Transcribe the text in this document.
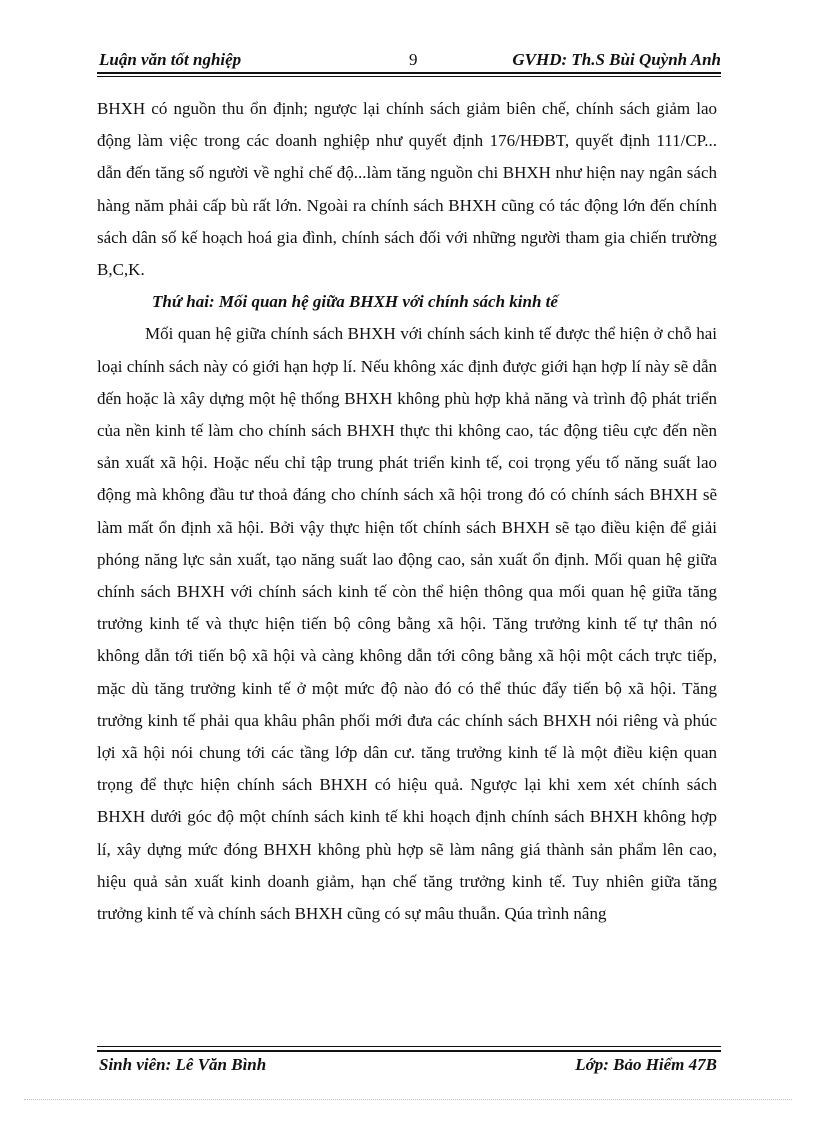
Luận văn tốt nghiệp	9	GVHD: Th.S Bùi Quỳnh Anh

BHXH có nguồn thu ổn định; ngược lại chính sách giảm biên chế, chính sách giảm lao động làm việc trong các doanh nghiệp như quyết định 176/HĐBT, quyết định 111/CP... dẫn đến tăng số người về nghỉ chế độ...làm tăng nguồn chi BHXH như hiện nay ngân sách hàng năm phải cấp bù rất lớn. Ngoài ra chính sách BHXH cũng có tác động lớn đến chính sách dân số kế hoạch hoá gia đình, chính sách đối với những người tham gia chiến trường B,C,K.

Thứ hai: Mối quan hệ giữa BHXH với chính sách kinh tế

Mối quan hệ giữa chính sách BHXH với chính sách kinh tế được thể hiện ở chỗ hai loại chính sách này có giới hạn hợp lí. Nếu không xác định được giới hạn hợp lí này sẽ dẫn đến hoặc là xây dựng một hệ thống BHXH không phù hợp khả năng và trình độ phát triển của nền kinh tế làm cho chính sách BHXH thực thi không cao, tác động tiêu cực đến nền sản xuất xã hội. Hoặc nếu chỉ tập trung phát triển kinh tế, coi trọng yếu tố năng suất lao động mà không đầu tư thoả đáng cho chính sách xã hội trong đó có chính sách BHXH sẽ làm mất ổn định xã hội. Bởi vậy thực hiện tốt chính sách BHXH sẽ tạo điều kiện để giải phóng năng lực sản xuất, tạo năng suất lao động cao, sản xuất ổn định. Mối quan hệ giữa chính sách BHXH với chính sách kinh tế còn thể hiện thông qua mối quan hệ giữa tăng trưởng kinh tế và thực hiện tiến bộ công bằng xã hội. Tăng trưởng kinh tế tự thân nó không dẫn tới tiến bộ xã hội và càng không dẫn tới công bằng xã hội một cách trực tiếp, mặc dù tăng trưởng kinh tế ở một mức độ nào đó có thể thúc đẩy tiến bộ xã hội. Tăng trưởng kinh tế phải qua khâu phân phối mới đưa các chính sách BHXH nói riêng và phúc lợi xã hội nói chung tới các tầng lớp dân cư. tăng trưởng kinh tế là một điều kiện quan trọng để thực hiện chính sách BHXH có hiệu quả. Ngược lại khi xem xét chính sách BHXH dưới góc độ một chính sách kinh tế khi hoạch định chính sách BHXH không hợp lí, xây dựng mức đóng BHXH không phù hợp sẽ làm nâng giá thành sản phẩm lên cao, hiệu quả sản xuất kinh doanh giảm, hạn chế tăng trưởng kinh tế. Tuy nhiên giữa tăng trưởng kinh tế và chính sách BHXH cũng có sự mâu thuẫn. Qúa trình nâng

Sinh viên: Lê Văn Bình	Lớp: Bảo Hiểm 47B
